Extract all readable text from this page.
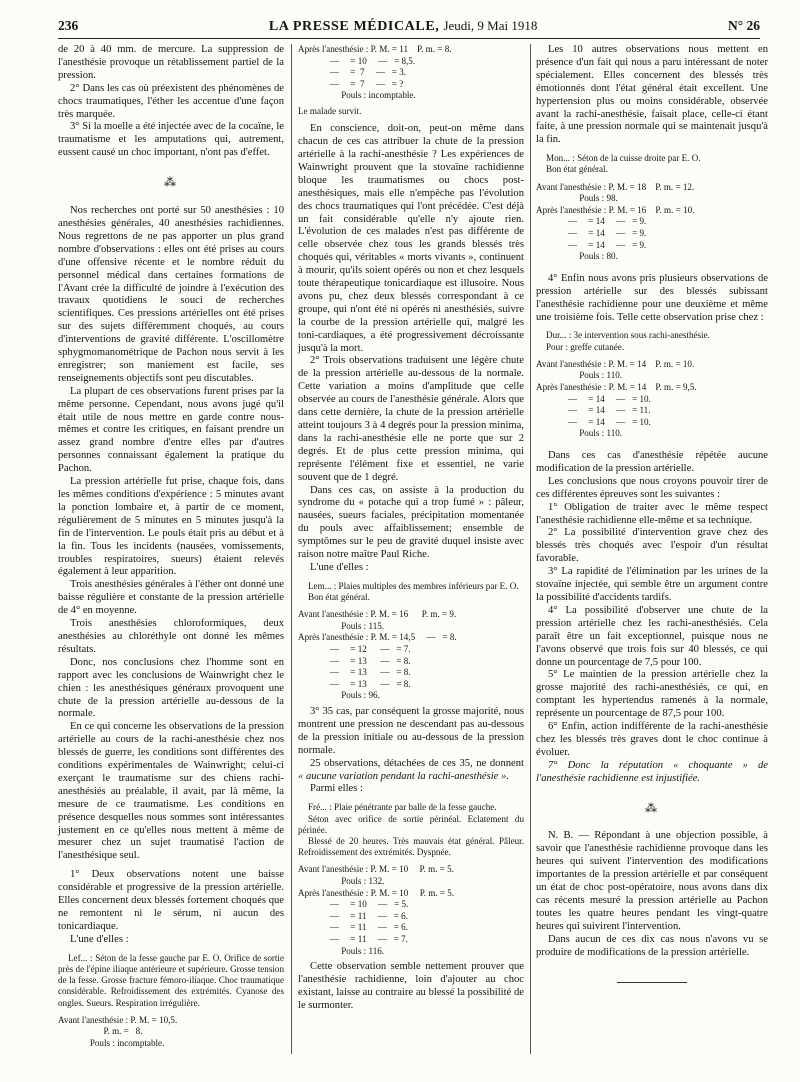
236	LA PRESSE MÉDICALE, Jeudi, 9 Mai 1918	N° 26

de 20 à 40 mm. de mercure. La suppression de l'anesthésie provoque un rétablissement partiel de la pression.

2° Dans les cas où préexistent des phénomènes de chocs traumatiques, l'éther les accentue d'une façon très marquée.

3° Si la moelle a été injectée avec de la cocaïne, le traumatisme et les amputations qui, autrement, eussent causé un choc important, n'ont pas d'effet.

⁂

Nos recherches ont porté sur 50 anesthésies : 10 anesthésies générales, 40 anesthésies rachidiennes. Nous regrettons de ne pas apporter un plus grand nombre d'observations : elles ont été prises au cours d'une offensive récente et le nombre réduit du personnel médical dans certaines formations de l'Avant crée la difficulté de joindre à l'exécution des travaux quotidiens le souci de recherches scientifiques. Ces pressions artérielles ont été prises sur des sujets différemment choqués, au cours d'interventions de gravité différente. L'oscillomètre sphygmomanométrique de Pachon nous servit à les enregistrer; son maniement est facile, ses renseignements objectifs sont peu discutables.

La plupart de ces observations furent prises par la même personne. Cependant, nous avons jugé qu'il était utile de nous mettre en garde contre nous-mêmes et contre les critiques, en faisant prendre un assez grand nombre d'entre elles par d'autres personnes connaissant également la pratique du Pachon.

La pression artérielle fut prise, chaque fois, dans les mêmes conditions d'expérience : 5 minutes avant la ponction lombaire et, à partir de ce moment, régulièrement de 5 minutes en 5 minutes jusqu'à la fin de l'intervention. Le pouls était pris au début et à la fin. Tous les incidents (nausées, vomissements, troubles respiratoires, sueurs) étaient relevés également à leur apparition.

Trois anesthésies générales à l'éther ont donné une baisse régulière et constante de la pression artérielle de 4° en moyenne.

Trois anesthésies chloroformiques, deux anesthésies au chloréthyle ont donné les mêmes résultats.

Donc, nos conclusions chez l'homme sont en rapport avec les conclusions de Wainwright chez le chien : les anesthésiques généraux provoquent une chute de la pression artérielle au-dessous de la normale.

En ce qui concerne les observations de la pression artérielle au cours de la rachi-anesthésie chez nos blessés de guerre, les conditions sont différentes des conditions expérimentales de Wainwright; celui-ci exerçant le traumatisme sur des chiens rachi-anesthésiés au préalable, il avait, par là même, la mesure de ce traumatisme. Les conditions en présence desquelles nous sommes sont intéressantes justement en ce qu'elles nous mettent à même de mesurer chez un sujet traumatisé l'action de l'anesthésique seul.

1° Deux observations notent une baisse considérable et progressive de la pression artérielle. Elles concernent deux blessés fortement choqués que ne remontent ni le sérum, ni aucun des tonicardiaque.

L'une d'elles :

Lef... : Séton de la fesse gauche par E. O. Orifice de sortie près de l'épine iliaque antérieure et supérieure. Grosse tension de la fesse. Grosse fracture fémoro-iliaque. Choc traumatique considérable. Refroidissement des extrémités. Cyanose des ongles. Sueurs. Respiration irrégulière.

Avant l'anesthésie : P. M. = 10,5.
P. m. =   8.
Pouls : incomptable.
Après l'anesthésie : P. M. = 11    P. m. = 8.
—     = 10     —   = 8,5.
—     =  7     —   = 3.
—     =  7     —   = ?
Pouls : incomptable.

Le malade survit.

En conscience, doit-on, peut-on même dans chacun de ces cas attribuer la chute de la pression artérielle à la rachi-anesthésie ? Les expériences de Wainwright prouvent que la stovaïne rachidienne bloque les traumatismes ou chocs post-anesthésiques, mais elle n'empêche pas l'évolution des chocs traumatiques qui l'ont précédée. C'est déjà un fait considérable qu'elle n'y ajoute rien. L'évolution de ces malades n'est pas différente de celle observée chez tous les grands blessés très choqués qui, véritables « morts vivants », continuent à mourir, qu'ils soient opérés ou non et chez lesquels toute thérapeutique tonicardiaque est illusoire. Nous avons pu, chez deux blessés correspondant à ce groupe, qui n'ont été ni opérés ni anesthésiés, suivre la courbe de la pression artérielle qui, malgré les toni-cardiaques, a été progressivement décroissante jusqu'à la mort.

2° Trois observations traduisent une légère chute de la pression artérielle au-dessous de la normale. Cette variation a moins d'amplitude que celle observée au cours de l'anesthésie générale. Alors que dans cette dernière, la chute de la pression artérielle atteint toujours 3 à 4 degrés pour la pression minima, dans la rachi-anesthésie elle ne porte que sur 2 degrés. Et de plus cette pression minima, qui représente l'élément fixe et essentiel, ne varie souvent que de 1 degré.

Dans ces cas, on assiste à la production du syndrome du « potache qui a trop fumé » : pâleur, nausées, sueurs faciales, précipitation momentanée du pouls avec affaiblissement; ensemble de symptômes sur le peu de gravité duquel insiste avec raison notre maître Paul Riche.

L'une d'elles :

Lem... : Plaies multiples des membres inférieurs par E. O.

Bon état général.

Avant l'anesthésie : P. M. = 16      P. m. = 9.
Pouls : 115.
Après l'anesthésie : P. M. = 14,5     —   = 8.
—     = 12      —   = 7.
—     = 13      —   = 8.
—     = 13      —   = 8.
—     = 13      —   = 8.
Pouls : 96.

3° 35 cas, par conséquent la grosse majorité, nous montrent une pression ne descendant pas au-dessous de la pression initiale ou au-dessous de la pression normale.

25 observations, détachées de ces 35, ne donnent « aucune variation pendant la rachi-anesthésie ».

Parmi elles :

Fré... : Plaie pénétrante par balle de la fesse gauche.

Séton avec orifice de sortie périnéal. Eclatement du périnée.

Blessé de 20 heures. Très mauvais état général. Pâleur. Refroidissement des extrémités. Dyspnée.

Avant l'anesthésie : P. M. = 10     P. m. = 5.
Pouls : 132.
Après l'anesthésie : P. M. = 10     P. m. = 5.
—     = 10     —   = 5.
—     = 11     —   = 6.
—     = 11     —   = 6.
—     = 11     —   = 7.
Pouls : 116.

Cette observation semble nettement prouver que l'anesthésie rachidienne, loin d'ajouter au choc existant, laisse au contraire au blessé la possibilité de le surmonter.

Les 10 autres observations nous mettent en présence d'un fait qui nous a paru intéressant de noter spécialement. Elles concernent des blessés très émotionnés dont l'état général était excellent. Une hypertension plus ou moins considérable, observée avant la rachi-anesthésie, faisait place, celle-ci étant faite, à une pression normale qui se maintenait jusqu'à la fin.

Mon... : Séton de la cuisse droite par E. O.

Bon état général.

Avant l'anesthésie : P. M. = 18    P. m. = 12.
Pouls : 98.
Après l'anesthésie : P. M. = 16    P. m. = 10.
—     = 14     —   = 9.
—     = 14     —   = 9.
—     = 14     —   = 9.
Pouls : 80.

4° Enfin nous avons pris plusieurs observations de pression artérielle sur des blessés subissant l'anesthésie rachidienne pour une deuxième et même une troisième fois. Telle cette observation prise chez :

Dur... : 3e intervention sous rachi-anesthésie.

Pour : greffe cutanée.

Avant l'anesthésie : P. M. = 14    P. m. = 10.
Pouls : 110.
Après l'anesthésie : P. M. = 14    P. m. = 9,5.
—     = 14     —   = 10.
—     = 14     —   = 11.
—     = 14     —   = 10.
Pouls : 110.

Dans ces cas d'anesthésie répétée aucune modification de la pression artérielle.

Les conclusions que nous croyons pouvoir tirer de ces différentes épreuves sont les suivantes :

1° Obligation de traiter avec le même respect l'anesthésie rachidienne elle-même et sa technique.

2° La possibilité d'intervention grave chez des blessés très choqués avec l'espoir d'un résultat favorable.

3° La rapidité de l'élimination par les urines de la stovaïne injectée, qui semble être un argument contre la possibilité d'accidents tardifs.

4° La possibilité d'observer une chute de la pression artérielle chez les rachi-anesthésiés. Cela paraît être un fait exceptionnel, puisque nous ne l'avons observé que trois fois sur 40 blessés, ce qui donne un pourcentage de 7,5 pour 100.

5° Le maintien de la pression artérielle chez la grosse majorité des rachi-anesthésiés, ce qui, en comptant les hypertendus ramenés à la normale, représente un pourcentage de 87,5 pour 100.

6° Enfin, action indifférente de la rachi-anesthésie chez les blessés très graves dont le choc continue à évoluer.

7° Donc la réputation « choquante » de l'anesthésie rachidienne est injustifiée.

⁂

N. B. — Répondant à une objection possible, à savoir que l'anesthésie rachidienne provoque dans les heures qui suivent l'intervention des modifications importantes de la pression artérielle et par conséquent un état de choc post-opératoire, nous avons dans dix cas récents mesuré la pression artérielle au Pachon toutes les quatre heures pendant les vingt-quatre heures qui suivirent l'intervention.

Dans aucun de ces dix cas nous n'avons vu se produire de modifications de la pression artérielle.
